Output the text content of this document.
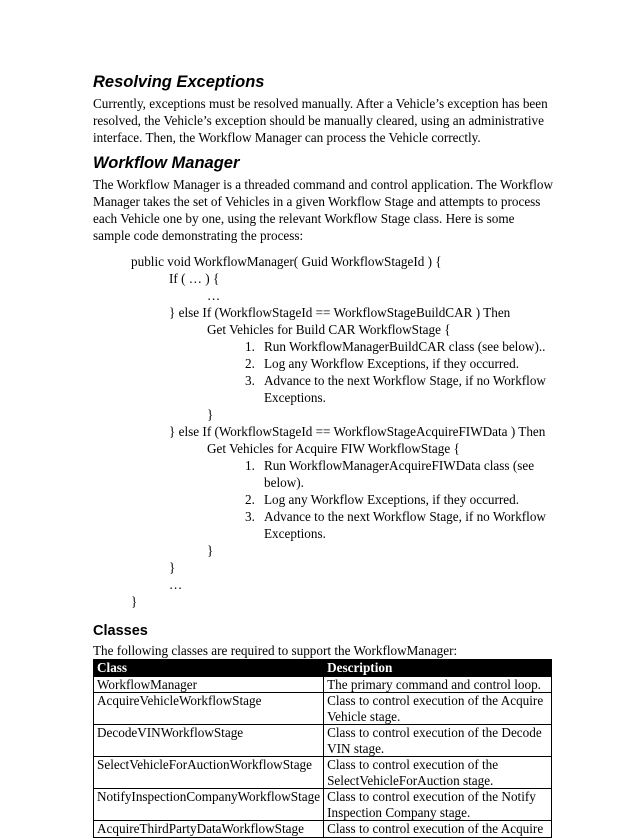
Resolving Exceptions

Currently, exceptions must be resolved manually. After a Vehicle’s exception has been resolved, the Vehicle’s exception should be manually cleared, using an administrative interface. Then, the Workflow Manager can process the Vehicle correctly.

Workflow Manager

The Workflow Manager is a threaded command and control application. The Workflow Manager takes the set of Vehicles in a given Workflow Stage and attempts to process each Vehicle one by one, using the relevant Workflow Stage class. Here is some sample code demonstrating the process:

public void WorkflowManager( Guid WorkflowStageId ) {
If ( … ) {
…
} else If (WorkflowStageId == WorkflowStageBuildCAR ) Then
Get Vehicles for Build CAR WorkflowStage {
1. Run WorkflowManagerBuildCAR class (see below)..
2. Log any Workflow Exceptions, if they occurred.
3. Advance to the next Workflow Stage, if no Workflow Exceptions.
}
} else If (WorkflowStageId == WorkflowStageAcquireFIWData ) Then
Get Vehicles for Acquire FIW WorkflowStage {
1. Run WorkflowManagerAcquireFIWData class (see below).
2. Log any Workflow Exceptions, if they occurred.
3. Advance to the next Workflow Stage, if no Workflow Exceptions.
}
}
…
}
Classes

The following classes are required to support the WorkflowManager:

Class	Description
WorkflowManager	The primary command and control loop.
AcquireVehicleWorkflowStage	Class to control execution of the Acquire Vehicle stage.
DecodeVINWorkflowStage	Class to control execution of the Decode VIN stage.
SelectVehicleForAuctionWorkflowStage	Class to control execution of the SelectVehicleForAuction stage.
NotifyInspectionCompanyWorkflowStage	Class to control execution of the Notify Inspection Company stage.
AcquireThirdPartyDataWorkflowStage	Class to control execution of the Acquire
